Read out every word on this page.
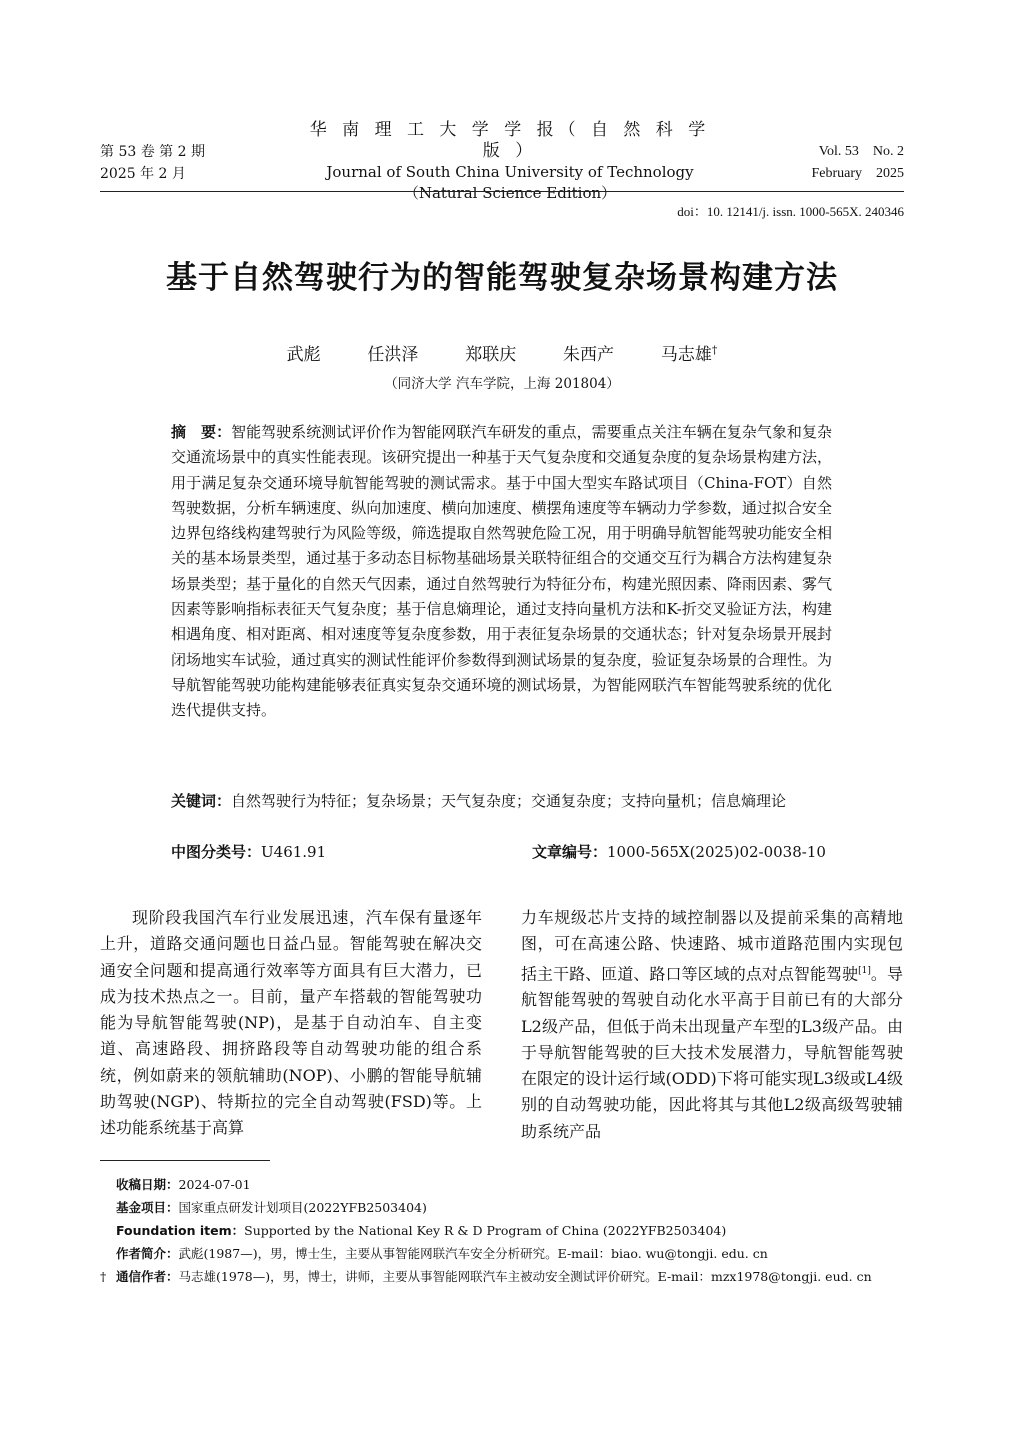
第 53 卷 第 2 期
2025 年 2 月
华 南 理 工 大 学 学 报（ 自 然 科 学 版 ）
Journal of South China University of Technology
（Natural Science Edition）
Vol. 53    No. 2
February    2025
doi：10. 12141/j. issn. 1000-565X. 240346
基于自然驾驶行为的智能驾驶复杂场景构建方法
武彪  任洪泽  郑联庆  朱西产  马志雄†
（同济大学 汽车学院，上海 201804）
摘　要：智能驾驶系统测试评价作为智能网联汽车研发的重点，需要重点关注车辆在复杂气象和复杂交通流场景中的真实性能表现。该研究提出一种基于天气复杂度和交通复杂度的复杂场景构建方法，用于满足复杂交通环境导航智能驾驶的测试需求。基于中国大型实车路试项目（China-FOT）自然驾驶数据，分析车辆速度、纵向加速度、横向加速度、横摆角速度等车辆动力学参数，通过拟合安全边界包络线构建驾驶行为风险等级，筛选提取自然驾驶危险工况，用于明确导航智能驾驶功能安全相关的基本场景类型，通过基于多动态目标物基础场景关联特征组合的交通交互行为耦合方法构建复杂场景类型；基于量化的自然天气因素，通过自然驾驶行为特征分布，构建光照因素、降雨因素、雾气因素等影响指标表征天气复杂度；基于信息熵理论，通过支持向量机方法和K-折交叉验证方法，构建相遇角度、相对距离、相对速度等复杂度参数，用于表征复杂场景的交通状态；针对复杂场景开展封闭场地实车试验，通过真实的测试性能评价参数得到测试场景的复杂度，验证复杂场景的合理性。为导航智能驾驶功能构建能够表征真实复杂交通环境的测试场景，为智能网联汽车智能驾驶系统的优化迭代提供支持。
关键词：自然驾驶行为特征；复杂场景；天气复杂度；交通复杂度；支持向量机；信息熵理论
中图分类号：U461.91	文章编号：1000-565X(2025)02-0038-10
现阶段我国汽车行业发展迅速，汽车保有量逐年上升，道路交通问题也日益凸显。智能驾驶在解决交通安全问题和提高通行效率等方面具有巨大潜力，已成为技术热点之一。目前，量产车搭载的智能驾驶功能为导航智能驾驶(NP)，是基于自动泊车、自主变道、高速路段、拥挤路段等自动驾驶功能的组合系统，例如蔚来的领航辅助(NOP)、小鹏的智能导航辅助驾驶(NGP)、特斯拉的完全自动驾驶(FSD)等。上述功能系统基于高算
力车规级芯片支持的域控制器以及提前采集的高精地图，可在高速公路、快速路、城市道路范围内实现包括主干路、匝道、路口等区域的点对点智能驾驶[1]。导航智能驾驶的驾驶自动化水平高于目前已有的大部分L2级产品，但低于尚未出现量产车型的L3级产品。由于导航智能驾驶的巨大技术发展潜力，导航智能驾驶在限定的设计运行域(ODD)下将可能实现L3级或L4级别的自动驾驶功能，因此将其与其他L2级高级驾驶辅助系统产品
收稿日期：2024-07-01
基金项目：国家重点研发计划项目(2022YFB2503404)
Foundation item：Supported by the National Key R & D Program of China (2022YFB2503404)
作者简介：武彪(1987—)，男，博士生，主要从事智能网联汽车安全分析研究。E-mail：biao. wu@tongji. edu. cn
† 通信作者：马志雄(1978—)，男，博士，讲师，主要从事智能网联汽车主被动安全测试评价研究。E-mail：mzx1978@tongji. eud. cn
